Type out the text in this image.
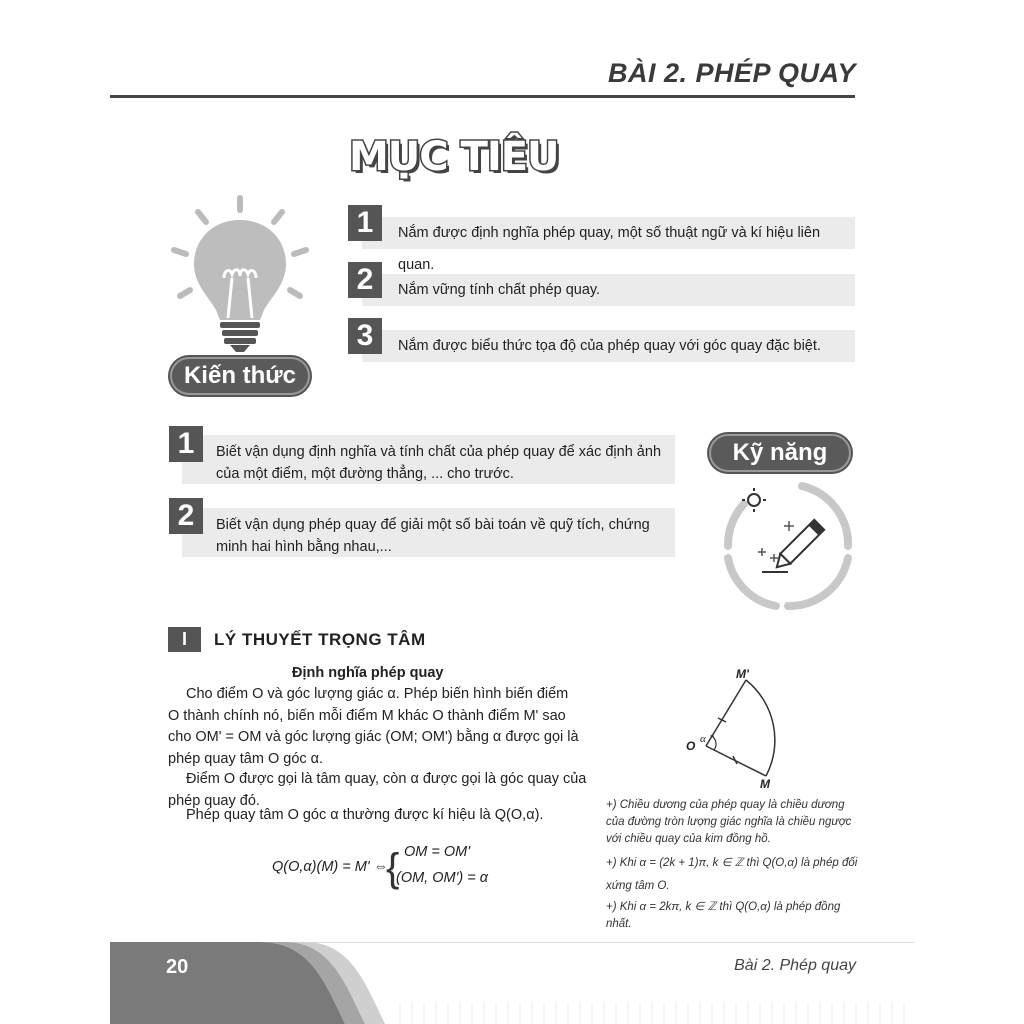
BÀI 2. PHÉP QUAY
MỤC TIÊU
Kiến thức
Nắm được định nghĩa phép quay, một số thuật ngữ và kí hiệu liên quan.
1
Nắm vững tính chất phép quay.
2
Nắm được biểu thức tọa độ của phép quay với góc quay đặc biệt.
3
Biết vận dụng định nghĩa và tính chất của phép quay để xác định ảnh
của một điểm, một đường thẳng, ... cho trước.
1
Biết vận dụng phép quay để giải một số bài toán về quỹ tích, chứng
minh hai hình bằng nhau,...
2
Kỹ năng
I	LÝ THUYẾT TRỌNG TÂM
Định nghĩa phép quay
Cho điểm O và góc lượng giác α. Phép biến hình biến điểm
O thành chính nó, biến mỗi điểm M khác O thành điểm M' sao
cho OM' = OM và góc lượng giác (OM; OM') bằng α được gọi là
phép quay tâm O góc α.
Điểm O được gọi là tâm quay, còn α được gọi là góc quay của
phép quay đó.
Phép quay tâm O góc α thường được kí hiệu là Q(O,α).
Q(O,α)(M) = M' ⇔
{ OM = OM'
(OM, OM') = α
M'
O
M
α
+) Chiều dương của phép quay là chiều dương
của đường tròn lượng giác nghĩa là chiều ngược
với chiều quay của kim đồng hồ.
+) Khi α = (2k + 1)π, k ∈ ℤ thì Q(O,α) là phép đối
xứng tâm O.
+) Khi α = 2kπ, k ∈ ℤ thì Q(O,α) là phép đồng nhất.
20	Bài 2. Phép quay
